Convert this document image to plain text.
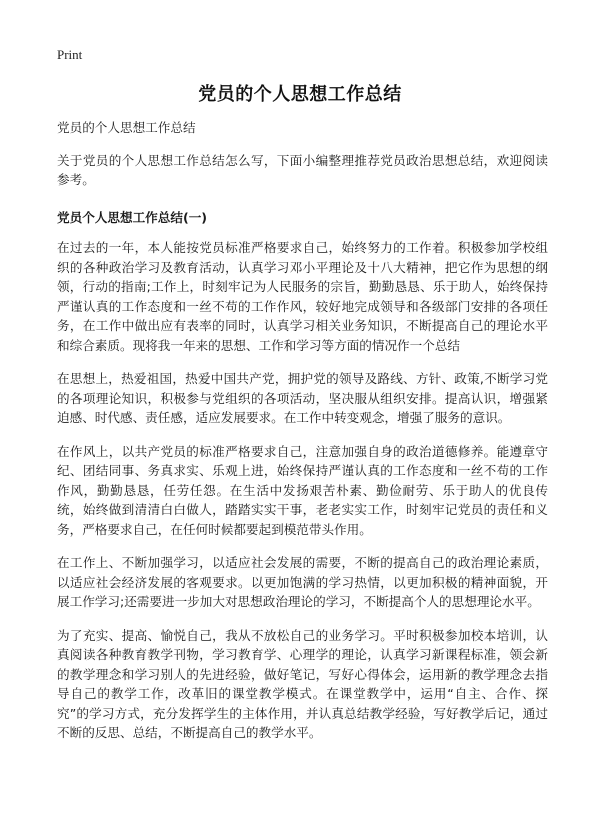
Print
党员的个人思想工作总结

党员的个人思想工作总结

关于党员的个人思想工作总结怎么写，下面小编整理推荐党员政治思想总结，欢迎阅读参考。

党员个人思想工作总结(一)

在过去的一年，本人能按党员标准严格要求自己，始终努力的工作着。积极参加学校组织的各种政治学习及教育活动，认真学习邓小平理论及十八大精神，把它作为思想的纲领，行动的指南;工作上，时刻牢记为人民服务的宗旨，勤勤恳恳、乐于助人，始终保持严谨认真的工作态度和一丝不苟的工作作风，较好地完成领导和各级部门安排的各项任务，在工作中做出应有表率的同时，认真学习相关业务知识，不断提高自己的理论水平和综合素质。现将我一年来的思想、工作和学习等方面的情况作一个总结

在思想上，热爱祖国，热爱中国共产党，拥护党的领导及路线、方针、政策,不断学习党的各项理论知识，积极参与党组织的各项活动，坚决服从组织安排。提高认识，增强紧迫感、时代感、责任感，适应发展要求。在工作中转变观念，增强了服务的意识。

在作风上，以共产党员的标准严格要求自己，注意加强自身的政治道德修养。能遵章守纪、团结同事、务真求实、乐观上进，始终保持严谨认真的工作态度和一丝不苟的工作作风，勤勤恳恳，任劳任怨。在生活中发扬艰苦朴素、勤俭耐劳、乐于助人的优良传统，始终做到清清白白做人，踏踏实实干事，老老实实工作，时刻牢记党员的责任和义务，严格要求自己，在任何时候都要起到模范带头作用。

在工作上、不断加强学习，以适应社会发展的需要，不断的提高自己的政治理论素质，以适应社会经济发展的客观要求。以更加饱满的学习热情，以更加积极的精神面貌，开展工作学习;还需要进一步加大对思想政治理论的学习，不断提高个人的思想理论水平。

为了充实、提高、愉悦自己，我从不放松自己的业务学习。平时积极参加校本培训，认真阅读各种教育教学刊物，学习教育学、心理学的理论，认真学习新课程标准，领会新的教学理念和学习别人的先进经验，做好笔记，写好心得体会，运用新的教学理念去指导自己的教学工作，改革旧的课堂教学模式。在课堂教学中，运用“自主、合作、探究”的学习方式，充分发挥学生的主体作用，并认真总结教学经验，写好教学后记，通过不断的反思、总结，不断提高自己的教学水平。
